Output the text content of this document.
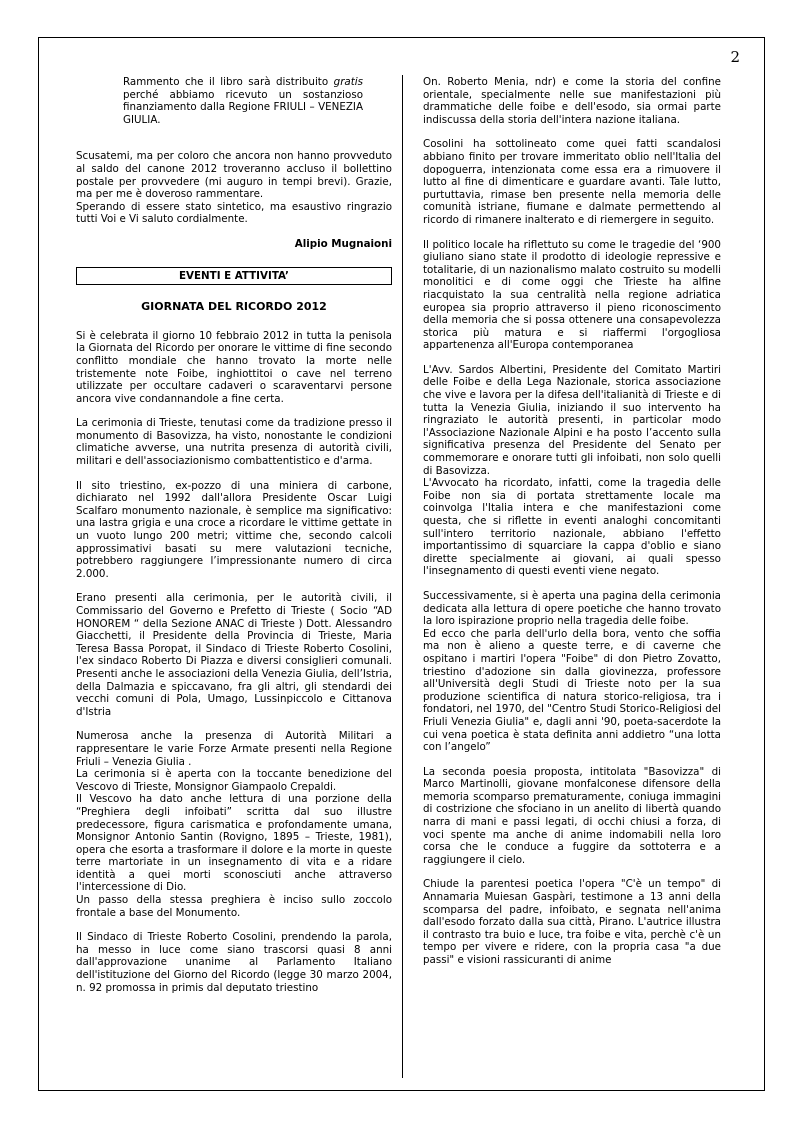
2

Rammento che il libro sarà distribuito gratis perché abbiamo ricevuto un sostanzioso finanziamento dalla Regione FRIULI – VENEZIA GIULIA.

Scusatemi, ma per coloro che ancora non hanno provveduto al saldo del canone 2012 troveranno accluso il bollettino postale per provvedere (mi auguro in tempi brevi). Grazie, ma per me è doveroso rammentare.

Sperando di essere stato sintetico, ma esaustivo ringrazio tutti Voi e Vi saluto cordialmente.

Alipio Mugnaioni

EVENTI E ATTIVITA’
GIORNATA DEL RICORDO 2012

Si è celebrata il giorno 10 febbraio 2012 in tutta la penisola la Giornata del Ricordo per onorare le vittime di fine secondo conflitto mondiale che hanno trovato la morte nelle tristemente note Foibe, inghiottitoi o cave nel terreno utilizzate per occultare cadaveri o scaraventarvi persone ancora vive condannandole a fine certa.

La cerimonia di Trieste, tenutasi come da tradizione presso il monumento di Basovizza, ha visto, nonostante le condizioni climatiche avverse, una nutrita presenza di autorità civili, militari e dell'associazionismo combattentistico e d'arma.

Il sito triestino, ex-pozzo di una miniera di carbone, dichiarato nel 1992 dall'allora Presidente Oscar Luigi Scalfaro monumento nazionale, è semplice ma significativo: una lastra grigia e una croce a ricordare le vittime gettate in un vuoto lungo 200 metri; vittime che, secondo calcoli approssimativi basati su mere valutazioni tecniche, potrebbero raggiungere l’impressionante numero di circa 2.000.

Erano presenti alla cerimonia, per le autorità civili, il Commissario del Governo e Prefetto di Trieste ( Socio “AD HONOREM “ della Sezione ANAC di Trieste ) Dott. Alessandro Giacchetti, il Presidente della Provincia di Trieste, Maria Teresa Bassa Poropat, il Sindaco di Trieste Roberto Cosolini, l'ex sindaco Roberto Di Piazza e diversi consiglieri comunali. Presenti anche le associazioni della Venezia Giulia, dell’Istria, della Dalmazia e spiccavano, fra gli altri, gli stendardi dei vecchi comuni di Pola, Umago, Lussinpiccolo e Cittanova d'Istria

Numerosa anche la presenza di Autorità Militari a rappresentare le varie Forze Armate presenti nella Regione Friuli – Venezia Giulia .

La cerimonia si è aperta con la toccante benedizione del Vescovo di Trieste, Monsignor Giampaolo Crepaldi.

Il Vescovo ha dato anche lettura di una porzione della “Preghiera degli infoibati” scritta dal suo illustre predecessore, figura carismatica e profondamente umana, Monsignor Antonio Santin (Rovigno, 1895 – Trieste, 1981), opera che esorta a trasformare il dolore e la morte in queste terre martoriate in un insegnamento di vita e a ridare identità a quei morti sconosciuti anche attraverso l'intercessione di Dio.

Un passo della stessa preghiera è inciso sullo zoccolo frontale a base del Monumento.

Il Sindaco di Trieste Roberto Cosolini, prendendo la parola, ha messo in luce come siano trascorsi quasi 8 anni dall'approvazione unanime al Parlamento Italiano dell'istituzione del Giorno del Ricordo (legge 30 marzo 2004, n. 92 promossa in primis dal deputato triestino

On. Roberto Menia, ndr) e come la storia del confine orientale, specialmente nelle sue manifestazioni più drammatiche delle foibe e dell'esodo, sia ormai parte indiscussa della storia dell'intera nazione italiana.

Cosolini ha sottolineato come quei fatti scandalosi abbiano finito per trovare immeritato oblio nell'Italia del dopoguerra, intenzionata come essa era a rimuovere il lutto al fine di dimenticare e guardare avanti. Tale lutto, purtuttavia, rimase ben presente nella memoria delle comunità istriane, fiumane e dalmate permettendo al ricordo di rimanere inalterato e di riemergere in seguito.

Il politico locale ha riflettuto su come le tragedie del ‘900 giuliano siano state il prodotto di ideologie repressive e totalitarie, di un nazionalismo malato costruito su modelli monolitici e di come oggi che Trieste ha alfine riacquistato la sua centralità nella regione adriatica europea sia proprio attraverso il pieno riconoscimento della memoria che si possa ottenere una consapevolezza storica più matura e si riaffermi l'orgogliosa appartenenza all'Europa contemporanea

L'Avv. Sardos Albertini, Presidente del Comitato Martiri delle Foibe e della Lega Nazionale, storica associazione che vive e lavora per la difesa dell'italianità di Trieste e di tutta la Venezia Giulia, iniziando il suo intervento ha ringraziato le autorità presenti, in particolar modo l'Associazione Nazionale Alpini e ha posto l’accento sulla significativa presenza del Presidente del Senato per commemorare e onorare tutti gli infoibati, non solo quelli di Basovizza.

L'Avvocato ha ricordato, infatti, come la tragedia delle Foibe non sia di portata strettamente locale ma coinvolga l'Italia intera e che manifestazioni come questa, che si riflette in eventi analoghi concomitanti sull'intero territorio nazionale, abbiano l'effetto importantissimo di squarciare la cappa d'oblio e siano dirette specialmente ai giovani, ai quali spesso l'insegnamento di questi eventi viene negato.

Successivamente, si è aperta una pagina della cerimonia dedicata alla lettura di opere poetiche che hanno trovato la loro ispirazione proprio nella tragedia delle foibe.

Ed ecco che parla dell'urlo della bora, vento che soffia ma non è alieno a queste terre, e di caverne che ospitano i martiri l'opera "Foibe" di don Pietro Zovatto, triestino d'adozione sin dalla giovinezza, professore all'Università degli Studi di Trieste noto per la sua produzione scientifica di natura storico-religiosa, tra i fondatori, nel 1970, del "Centro Studi Storico-Religiosi del Friuli Venezia Giulia" e, dagli anni '90, poeta-sacerdote la cui vena poetica è stata definita anni addietro “una lotta con l’angelo”

La seconda poesia proposta, intitolata "Basovizza" di Marco Martinolli, giovane monfalconese difensore della memoria scomparso prematuramente, coniuga immagini di costrizione che sfociano in un anelito di libertà quando narra di mani e passi legati, di occhi chiusi a forza, di voci spente ma anche di anime indomabili nella loro corsa che le conduce a fuggire da sottoterra e a raggiungere il cielo.

Chiude la parentesi poetica l'opera "C'è un tempo" di Annamaria Muiesan Gaspàri, testimone a 13 anni della scomparsa del padre, infoibato, e segnata nell'anima dall'esodo forzato dalla sua città, Pirano. L'autrice illustra il contrasto tra buio e luce, tra foibe e vita, perchè c'è un tempo per vivere e ridere, con la propria casa "a due passi" e visioni rassicuranti di anime
